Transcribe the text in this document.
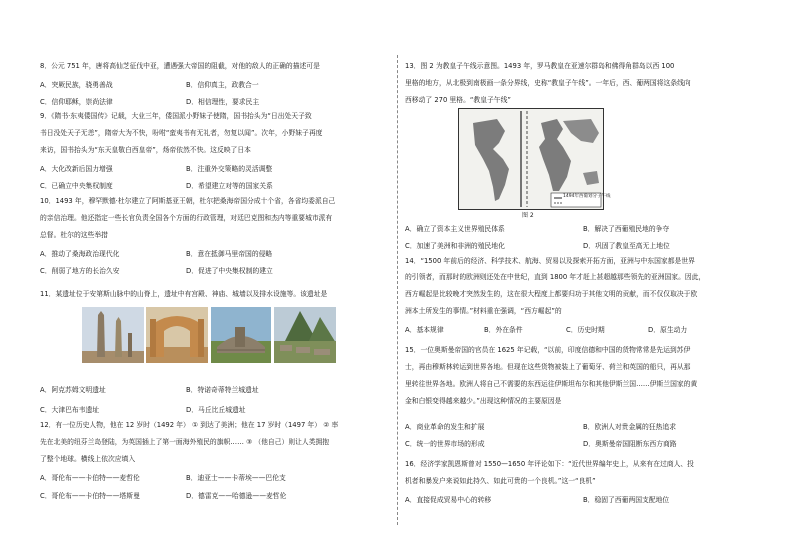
8．公元 751 年，唐将高仙芝征伐中亚，遭遇强大帝国的阻截，对他的敌人的正确的描述可是
A．突厥民族，骁勇善战	B．信仰真主，政教合一
C．信仰耶稣，崇尚法律	D．相信理性，要求民主
9．《隋书·东夷倭国传》记载，大业三年，倭国派小野妹子使隋，国书抬头为“日出处天子致
书日没处天子无恙”，隋帝大为不快，吩咐“蛮夷书有无礼者，勿复以闻”。次年，小野妹子再度
来访，国书抬头为“东天皇敬白西皇帝”，炀帝依然不快。这反映了日本
A．大化改新后国力增强	B．注重外交策略的灵活调整
C．已确立中央集权制度	D．希望建立对等的国家关系
10．1493 年，穆罕默德·杜尔建立了阿斯基亚王朝，杜尔把桑海帝国分成十个省，各省均委派自己
的亲信治理。他还指定一些长官负责全国各个方面的行政管理，对廷巴克图和杰内等重要城市派有
总督。杜尔的这些举措
A．推动了桑海政治现代化	B．意在抵御马里帝国的侵略
C．削弱了地方的长治久安	D．促进了中央集权制的建立
11．某遗址位于安第斯山脉中的山脊上，遗址中有宫殿、神庙、城墙以及排水设施等。该遗址是
A．阿克苏姆文明遗址	B．特诺奇蒂特兰城遗址
C．大津巴布韦遗址	D．马丘比丘城遗址
12．有一位历史人物，他在 12 岁时（1492 年） ① 到达了美洲；他在 17 岁时（1497 年） ② 率
先在北美的纽芬兰岛登陆，为英国插上了第一面海外殖民的旗帜…… ③ （他自己）则让人类拥抱
了整个地球。横线上依次应填入
A．哥伦布——卡伯特——麦哲伦	B．迪亚士——卡蒂埃——巴伦支
C．哥伦布——卡伯特——塔斯曼	D．德雷克——哈德逊——麦哲伦
13．图 2 为教皇子午线示意图。1493 年，罗马教皇在亚速尔群岛和佛得角群岛以西 100
里格的地方，从北极到南极画一条分界线，史称“教皇子午线”。一年后，西、葡两国将这条线向
西移动了 270 里格。“教皇子午线”
1494年西葡划分子午线
图 2
A．确立了资本主义世界殖民体系	B．解决了西葡殖民地的争夺
C．加速了美洲和非洲的殖民地化	D．巩固了教皇至高无上地位
14．“1500 年前后的经济、科学技术、航海、贸易以及探索开拓方面，亚洲与中东国家都是世界
的引领者，而那时的欧洲则还处在中世纪，直到 1800 年才赶上甚超越那些领先的亚洲国家。因此，
西方崛起是比较晚才突然发生的，这在很大程度上都要归功于其他文明的贡献，而不仅仅取决于欧
洲本土所发生的事情。”材料重在强调，“西方崛起”的
A．基本规律	B．外在条件	C．历史时期	D．原生动力
15．一位奥斯曼帝国的官员在 1625 年记载，“以前，印度信德和中国的货物常常是先运到苏伊
士，再由穆斯林转运到世界各地。但现在这些货物被装上了葡萄牙、荷兰和英国的船只，再从那
里转往世界各地。欧洲人将自己不需要的东西运往伊斯坦布尔和其他伊斯兰国……伊斯兰国家的黄
金和白银变得越来越少。”出现这种情况的主要原因是
A．商业革命的发生和扩展	B．欧洲人对贵金属的狂热追求
C．统一的世界市场的形成	D．奥斯曼帝国阻断东西方商路
16．经济学家凯恩斯曾对 1550—1650 年评论如下：“近代世界编年史上，从来有在过商人、投
机者和暴发户来说如此持久、如此可贵的一个良机。”这一“良机”
A．直接促成贸易中心的转移	B．稳固了西葡两国支配地位
